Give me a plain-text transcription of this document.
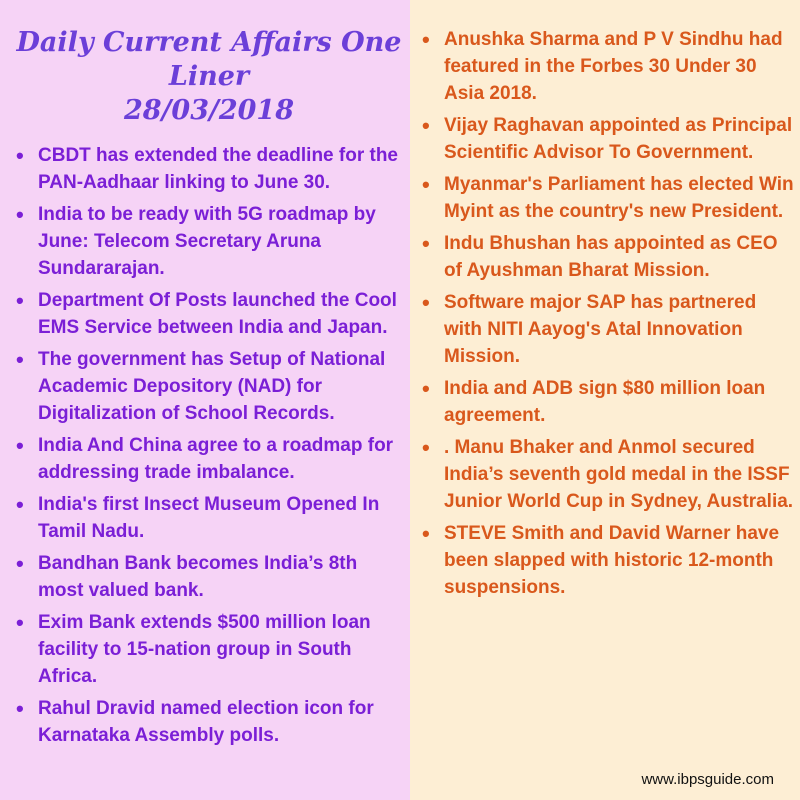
Daily Current Affairs One Liner
28/03/2018
• CBDT has extended the deadline for the PAN-Aadhaar linking to June 30.
• India to be ready with 5G roadmap by June: Telecom Secretary Aruna Sundararajan.
• Department Of Posts launched the Cool EMS Service between India and Japan.
• The government has Setup of National Academic Depository (NAD) for Digitalization of School Records.
• India And China agree to a roadmap for addressing trade imbalance.
• India's first Insect Museum Opened In Tamil Nadu.
• Bandhan Bank becomes India’s 8th most valued bank.
• Exim Bank extends $500 million loan facility to 15-nation group in South Africa.
• Rahul Dravid named election icon for Karnataka Assembly polls.
• Anushka Sharma and P V Sindhu had featured in the Forbes 30 Under 30 Asia 2018.
• Vijay Raghavan appointed as Principal Scientific Advisor To Government.
• Myanmar's Parliament has elected Win Myint as the country's new President.
• Indu Bhushan has appointed as CEO of Ayushman Bharat Mission.
• Software major SAP has partnered with NITI Aayog's Atal Innovation Mission.
• India and ADB sign $80 million loan agreement.
• . Manu Bhaker and Anmol secured India’s seventh gold medal in the ISSF Junior World Cup in Sydney, Australia.
• STEVE Smith and David Warner have been slapped with historic 12-month suspensions.
www.ibpsguide.com
